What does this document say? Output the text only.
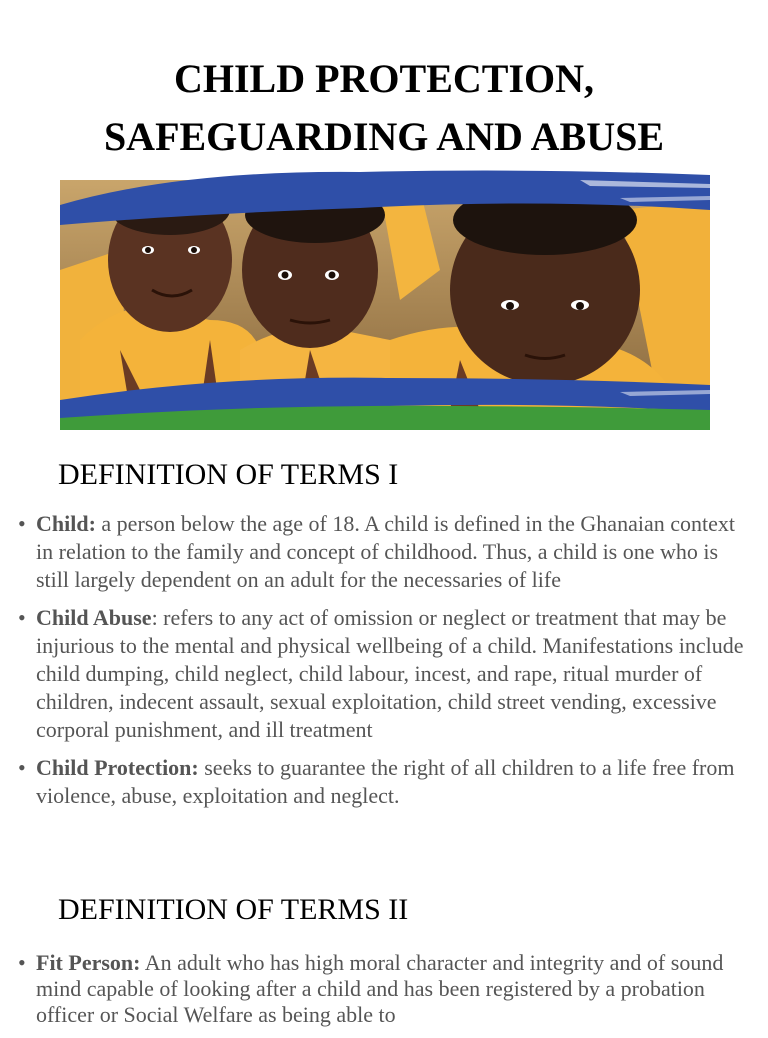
CHILD PROTECTION,
SAFEGUARDING AND ABUSE
DEFINITION OF TERMS I
• Child: a person below the age of 18. A child is defined in the Ghanaian context in relation to the family and concept of childhood. Thus, a child is one who is still largely dependent on an adult for the necessaries of life
• Child Abuse: refers to any act of omission or neglect or treatment that may be injurious to the mental and physical wellbeing of a child. Manifestations include child dumping, child neglect, child labour, incest, and rape, ritual murder of children, indecent assault, sexual exploitation, child street vending, excessive corporal punishment, and ill treatment
• Child Protection: seeks to guarantee the right of all children to a life free from violence, abuse, exploitation and neglect.
DEFINITION OF TERMS II
• Fit Person: An adult who has high moral character and integrity and of sound mind capable of looking after a child and has been registered by a probation officer or Social Welfare as being able to
